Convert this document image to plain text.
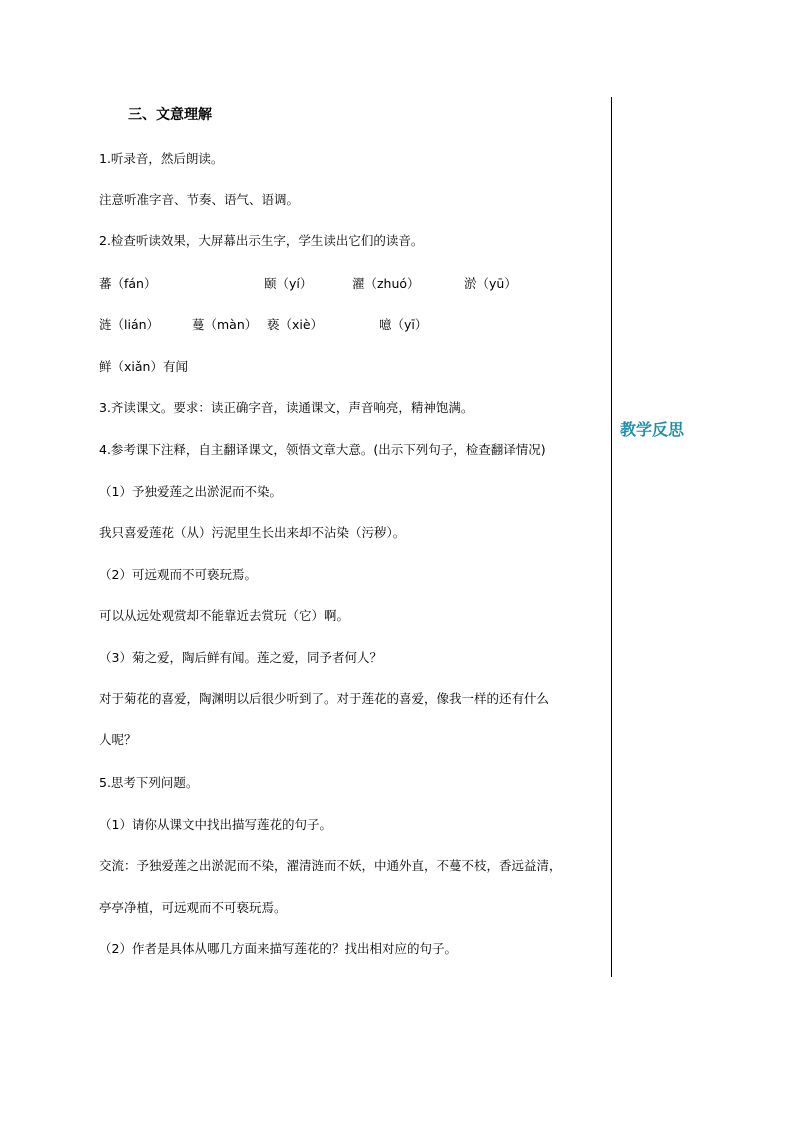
三、文意理解
1.听录音，然后朗读。
注意听准字音、节奏、语气、语调。
2.检查听读效果，大屏幕出示生字，学生读出它们的读音。
蕃（fán）	颐（yí）	濯（zhuó）	淤（yū）
涟（lián）	蔓（màn） 亵（xiè）	噫（yī）
鲜（xiǎn）有闻
3.齐读课文。要求：读正确字音，读通课文，声音响亮，精神饱满。
4.参考课下注释，自主翻译课文，领悟文章大意。(出示下列句子，检查翻译情况)
（1）予独爱莲之出淤泥而不染。
我只喜爱莲花（从）污泥里生长出来却不沾染（污秽）。
（2）可远观而不可亵玩焉。
可以从远处观赏却不能靠近去赏玩（它）啊。
（3）菊之爱，陶后鲜有闻。莲之爱，同予者何人？
对于菊花的喜爱，陶渊明以后很少听到了。对于莲花的喜爱，像我一样的还有什么
人呢？
5.思考下列问题。
（1）请你从课文中找出描写莲花的句子。
交流：予独爱莲之出淤泥而不染，濯清涟而不妖，中通外直，不蔓不枝，香远益清，
亭亭净植，可远观而不可亵玩焉。
（2）作者是具体从哪几方面来描写莲花的？找出相对应的句子。
教学反思
